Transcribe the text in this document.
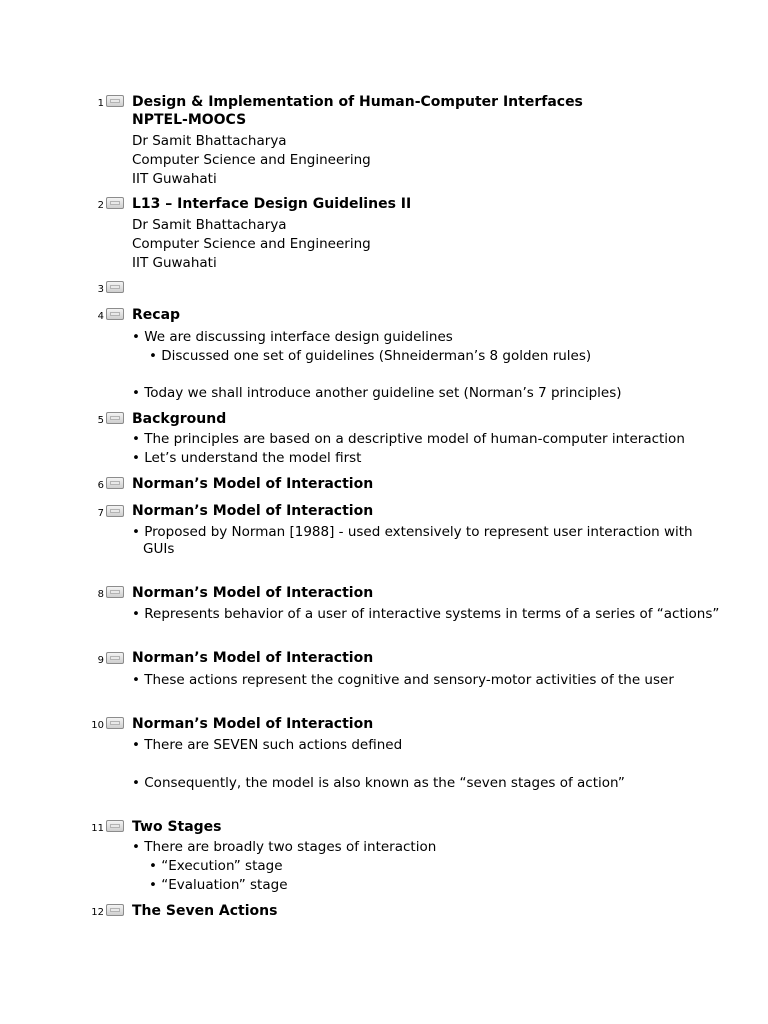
1 Design & Implementation of Human-Computer Interfaces
NPTEL-MOOCS
Dr Samit Bhattacharya
Computer Science and Engineering
IIT Guwahati
2 L13 – Interface Design Guidelines II
Dr Samit Bhattacharya
Computer Science and Engineering
IIT Guwahati
3
4 Recap
• We are discussing interface design guidelines
• Discussed one set of guidelines (Shneiderman’s 8 golden rules)
• Today we shall introduce another guideline set (Norman’s 7 principles)
5 Background
• The principles are based on a descriptive model of human-computer interaction
• Let’s understand the model first
6 Norman’s Model of Interaction
7 Norman’s Model of Interaction
• Proposed by Norman [1988] - used extensively to represent user interaction with
GUIs
8 Norman’s Model of Interaction
• Represents behavior of a user of interactive systems in terms of a series of “actions”
9 Norman’s Model of Interaction
• These actions represent the cognitive and sensory-motor activities of the user
10 Norman’s Model of Interaction
• There are SEVEN such actions defined
• Consequently, the model is also known as the “seven stages of action”
11 Two Stages
• There are broadly two stages of interaction
• “Execution” stage
• “Evaluation” stage
12 The Seven Actions
